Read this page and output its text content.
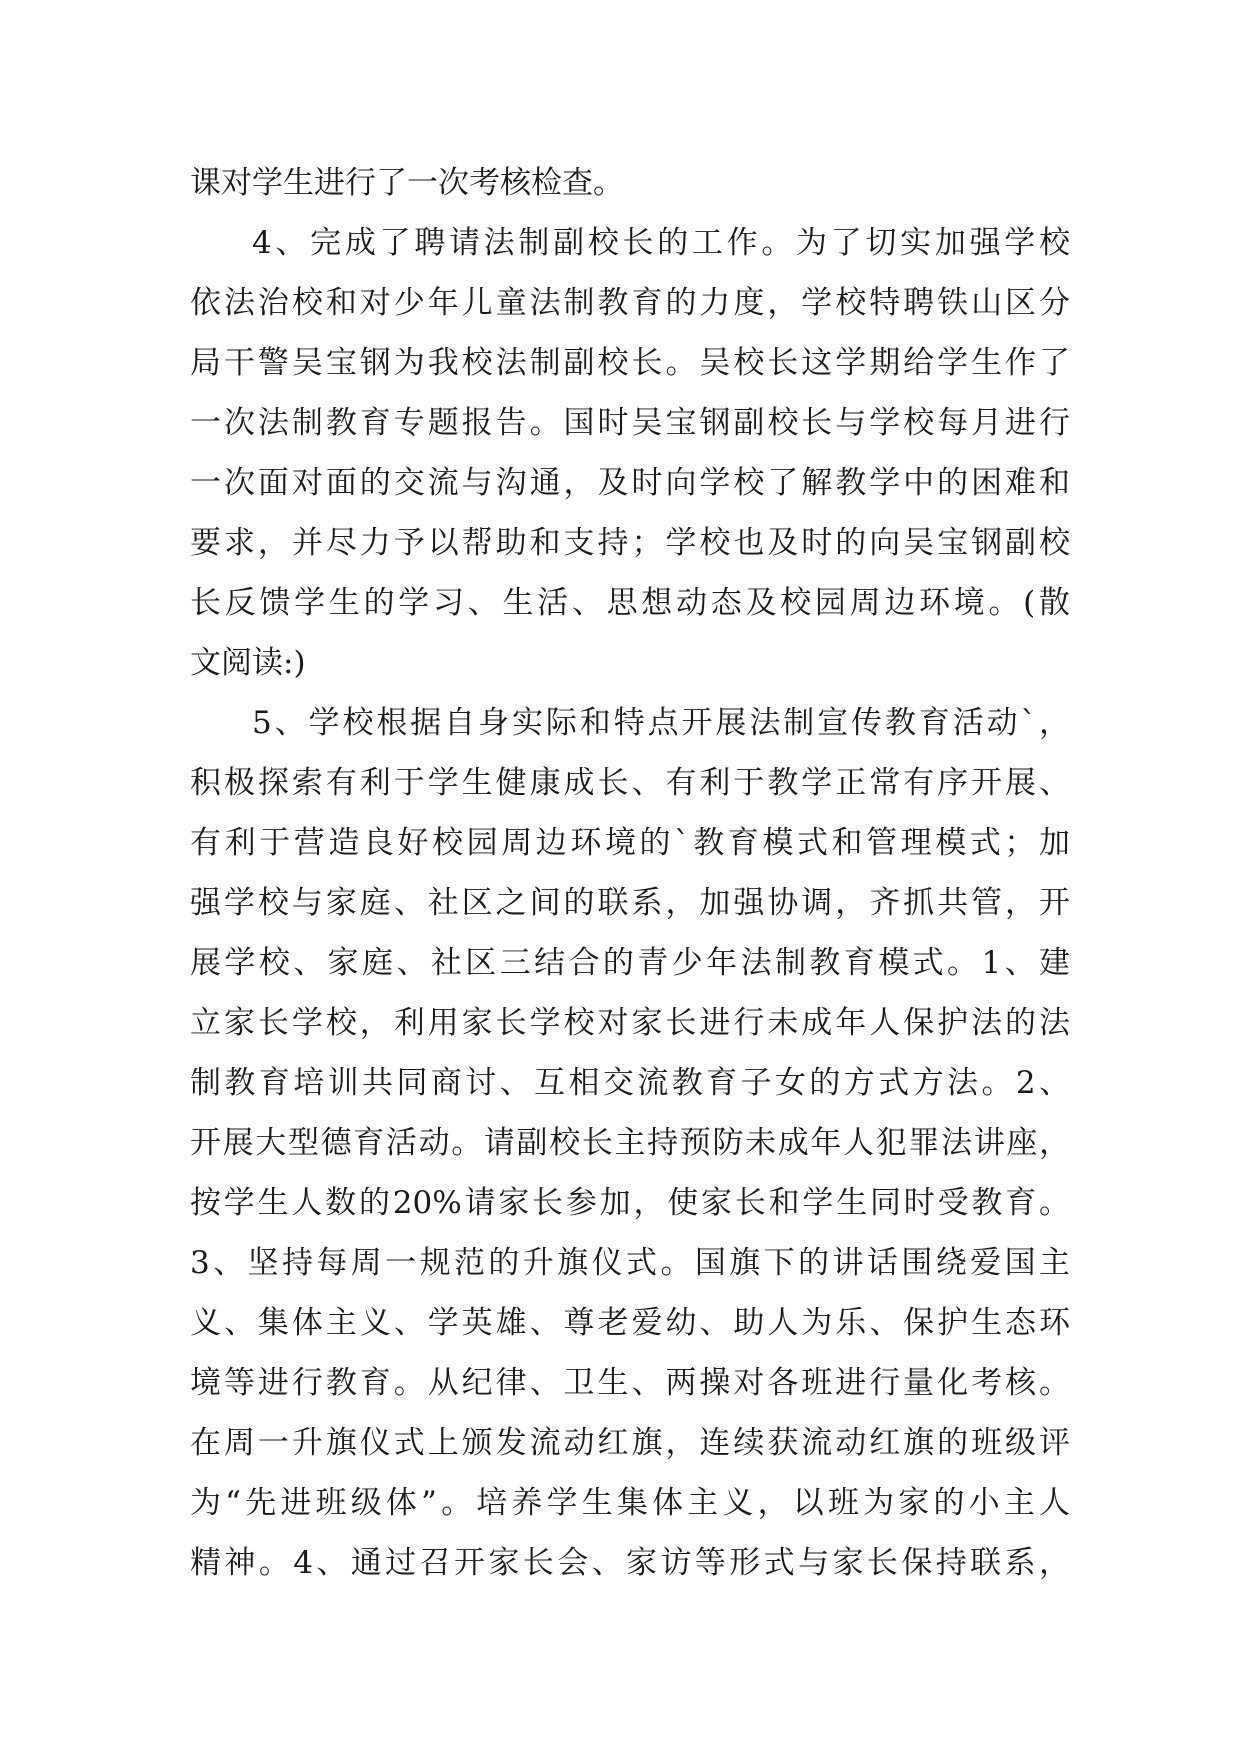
课对学生进行了一次考核检查。
4、完成了聘请法制副校长的工作。为了切实加强学校
依法治校和对少年儿童法制教育的力度，学校特聘铁山区分
局干警吴宝钢为我校法制副校长。吴校长这学期给学生作了
一次法制教育专题报告。国时吴宝钢副校长与学校每月进行
一次面对面的交流与沟通，及时向学校了解教学中的困难和
要求，并尽力予以帮助和支持；学校也及时的向吴宝钢副校
长反馈学生的学习、生活、思想动态及校园周边环境。(散
文阅读:)
5、学校根据自身实际和特点开展法制宣传教育活动`，
积极探索有利于学生健康成长、有利于教学正常有序开展、
有利于营造良好校园周边环境的`教育模式和管理模式；加
强学校与家庭、社区之间的联系，加强协调，齐抓共管，开
展学校、家庭、社区三结合的青少年法制教育模式。1、建
立家长学校，利用家长学校对家长进行未成年人保护法的法
制教育培训共同商讨、互相交流教育子女的方式方法。2、
开展大型德育活动。请副校长主持预防未成年人犯罪法讲座，
按学生人数的20%请家长参加，使家长和学生同时受教育。
3、坚持每周一规范的升旗仪式。国旗下的讲话围绕爱国主
义、集体主义、学英雄、尊老爱幼、助人为乐、保护生态环
境等进行教育。从纪律、卫生、两操对各班进行量化考核。
在周一升旗仪式上颁发流动红旗，连续获流动红旗的班级评
为“先进班级体”。培养学生集体主义，以班为家的小主人
精神。4、通过召开家长会、家访等形式与家长保持联系，
